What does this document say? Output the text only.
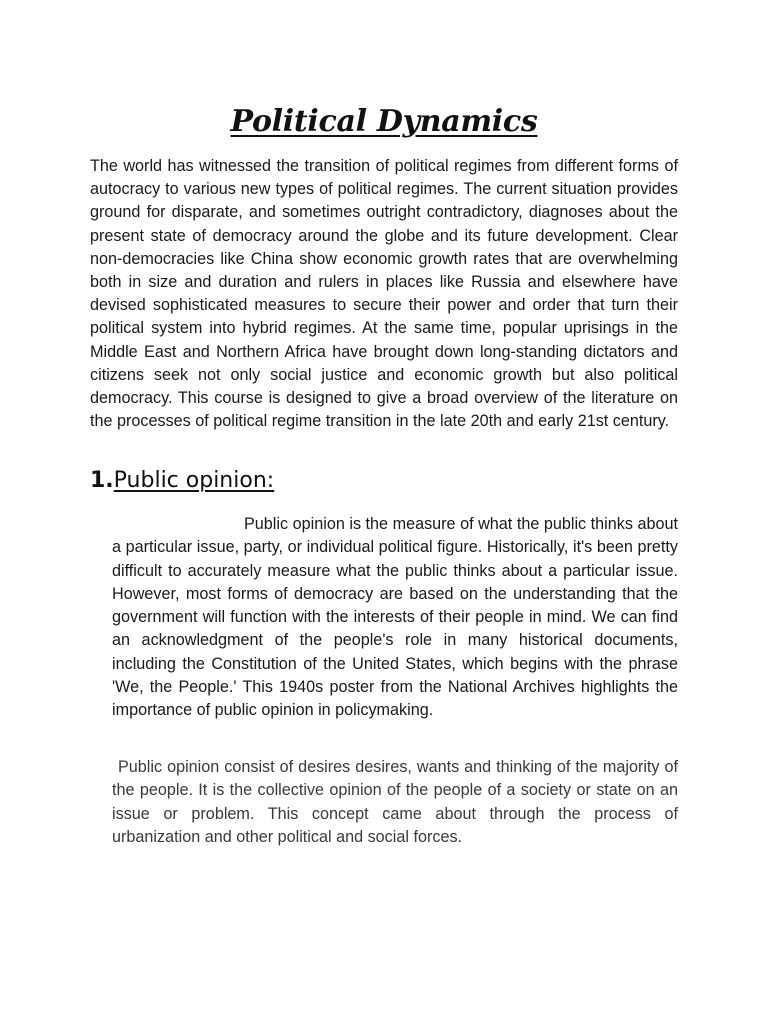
Political Dynamics

The world has witnessed the transition of political regimes from different forms of autocracy to various new types of political regimes. The current situation provides ground for disparate, and sometimes outright contradictory, diagnoses about the present state of democracy around the globe and its future development. Clear non-democracies like China show economic growth rates that are overwhelming both in size and duration and rulers in places like Russia and elsewhere have devised sophisticated measures to secure their power and order that turn their political system into hybrid regimes. At the same time, popular uprisings in the Middle East and Northern Africa have brought down long-standing dictators and citizens seek not only social justice and economic growth but also political democracy. This course is designed to give a broad overview of the literature on the processes of political regime transition in the late 20th and early 21st century.

1.Public opinion:

Public opinion is the measure of what the public thinks about a particular issue, party, or individual political figure. Historically, it's been pretty difficult to accurately measure what the public thinks about a particular issue. However, most forms of democracy are based on the understanding that the government will function with the interests of their people in mind. We can find an acknowledgment of the people's role in many historical documents, including the Constitution of the United States, which begins with the phrase 'We, the People.' This 1940s poster from the National Archives highlights the importance of public opinion in policymaking.

Public opinion consist of desires desires, wants and thinking of the majority of the people. It is the collective opinion of the people of a society or state on an issue or problem. This concept came about through the process of urbanization and other political and social forces.
